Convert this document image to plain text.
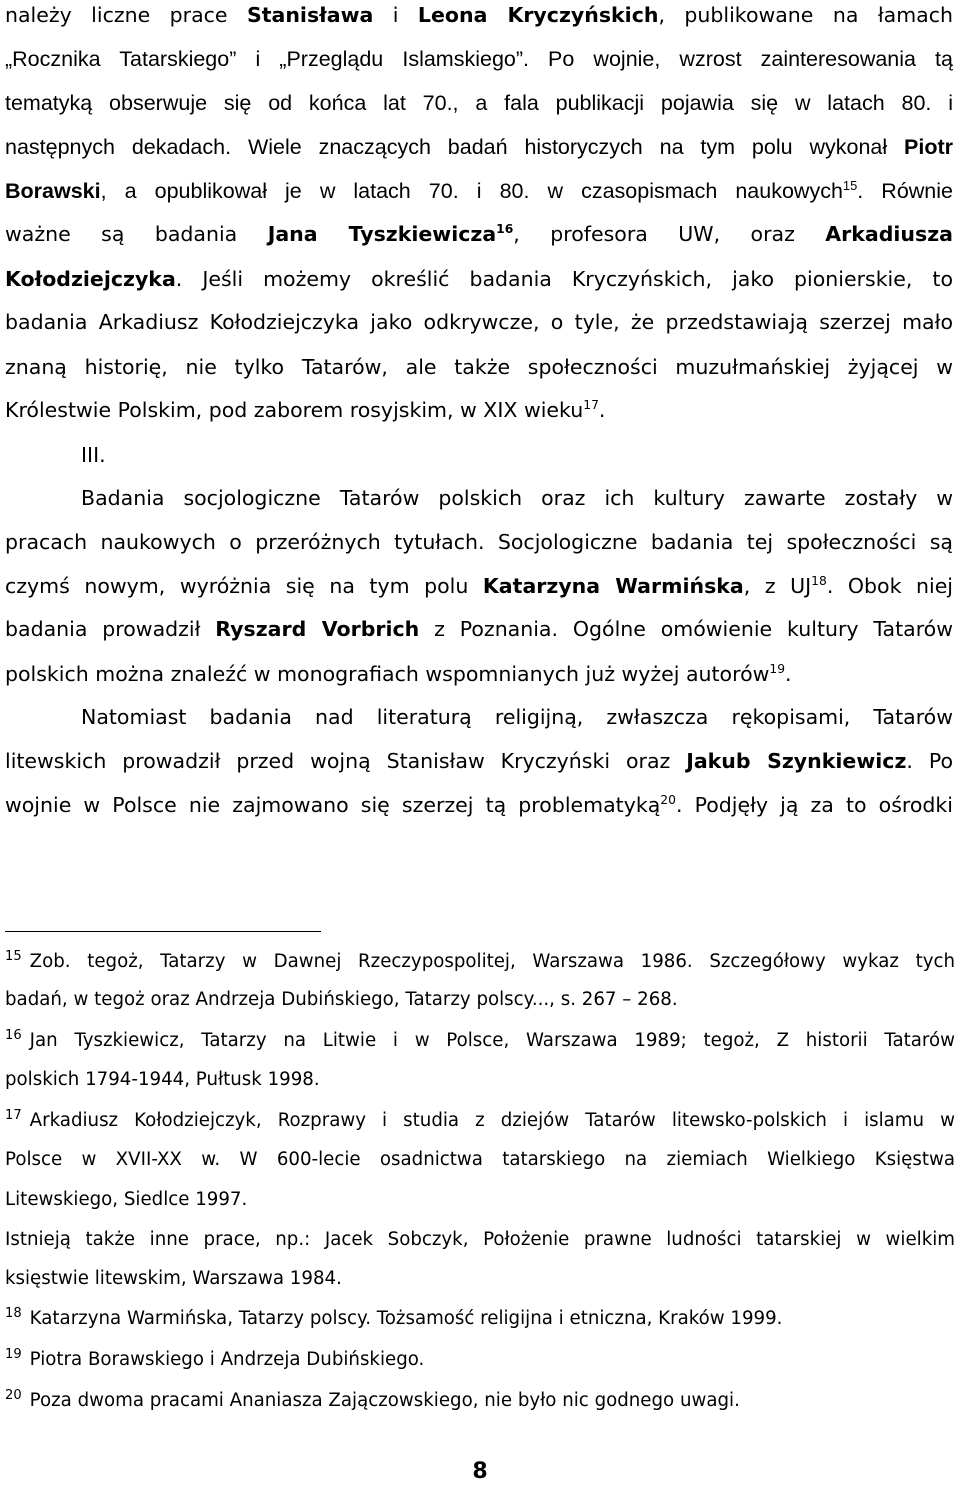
należy liczne prace Stanisława i Leona Kryczyńskich, publikowane na łamach
„Rocznika Tatarskiego” i „Przeglądu Islamskiego”. Po wojnie, wzrost zainteresowania tą
tematyką obserwuje się od końca lat 70., a fala publikacji pojawia się w latach 80. i
następnych dekadach. Wiele znaczących badań historyczych na tym polu wykonał Piotr
Borawski, a opublikował je w latach 70. i 80. w czasopismach naukowych$^{15}$. Równie
ważne są badania Jana Tyszkiewicza$^{16}$, profesora UW, oraz Arkadiusza
Kołodziejczyka. Jeśli możemy określić badania Kryczyńskich, jako pionierskie, to
badania Arkadiusz Kołodziejczyka jako odkrywcze, o tyle, że przedstawiają szerzej mało
znaną historię, nie tylko Tatarów, ale także społeczności muzułmańskiej żyjącej w
Królestwie Polskim, pod zaborem rosyjskim, w XIX wieku$^{17}$.
III.
Badania socjologiczne Tatarów polskich oraz ich kultury zawarte zostały w
pracach naukowych o przeróżnych tytułach. Socjologiczne badania tej społeczności są
czymś nowym, wyróżnia się na tym polu Katarzyna Warmińska, z UJ$^{18}$. Obok niej
badania prowadził Ryszard Vorbrich z Poznania. Ogólne omówienie kultury Tatarów
polskich można znaleźć w monografiach wspomnianych już wyżej autorów$^{19}$.
Natomiast badania nad literaturą religijną, zwłaszcza rękopisami, Tatarów
litewskich prowadził przed wojną Stanisław Kryczyński oraz Jakub Szynkiewicz. Po
wojnie w Polsce nie zajmowano się szerzej tą problematyką$^{20}$. Podjęły ją za to ośrodki
$^{15}$ Zob. tegoż, Tatarzy w Dawnej Rzeczypospolitej, Warszawa 1986. Szczegółowy wykaz tych
badań, w tegoż oraz Andrzeja Dubińskiego, Tatarzy polscy..., s. 267 – 268.
$^{16}$ Jan Tyszkiewicz, Tatarzy na Litwie i w Polsce, Warszawa 1989; tegoż, Z historii Tatarów
polskich 1794-1944, Pułtusk 1998.
$^{17}$ Arkadiusz Kołodziejczyk, Rozprawy i studia z dziejów Tatarów litewsko-polskich i islamu w
Polsce w XVII-XX w. W 600-lecie osadnictwa tatarskiego na ziemiach Wielkiego Księstwa
Litewskiego, Siedlce 1997.
Istnieją także inne prace, np.: Jacek Sobczyk, Położenie prawne ludności tatarskiej w wielkim
księstwie litewskim, Warszawa 1984.
$^{18}$ Katarzyna Warmińska, Tatarzy polscy. Tożsamość religijna i etniczna, Kraków 1999.
$^{19}$ Piotra Borawskiego i Andrzeja Dubińskiego.
$^{20}$ Poza dwoma pracami Ananiasza Zajączowskiego, nie było nic godnego uwagi.
8
